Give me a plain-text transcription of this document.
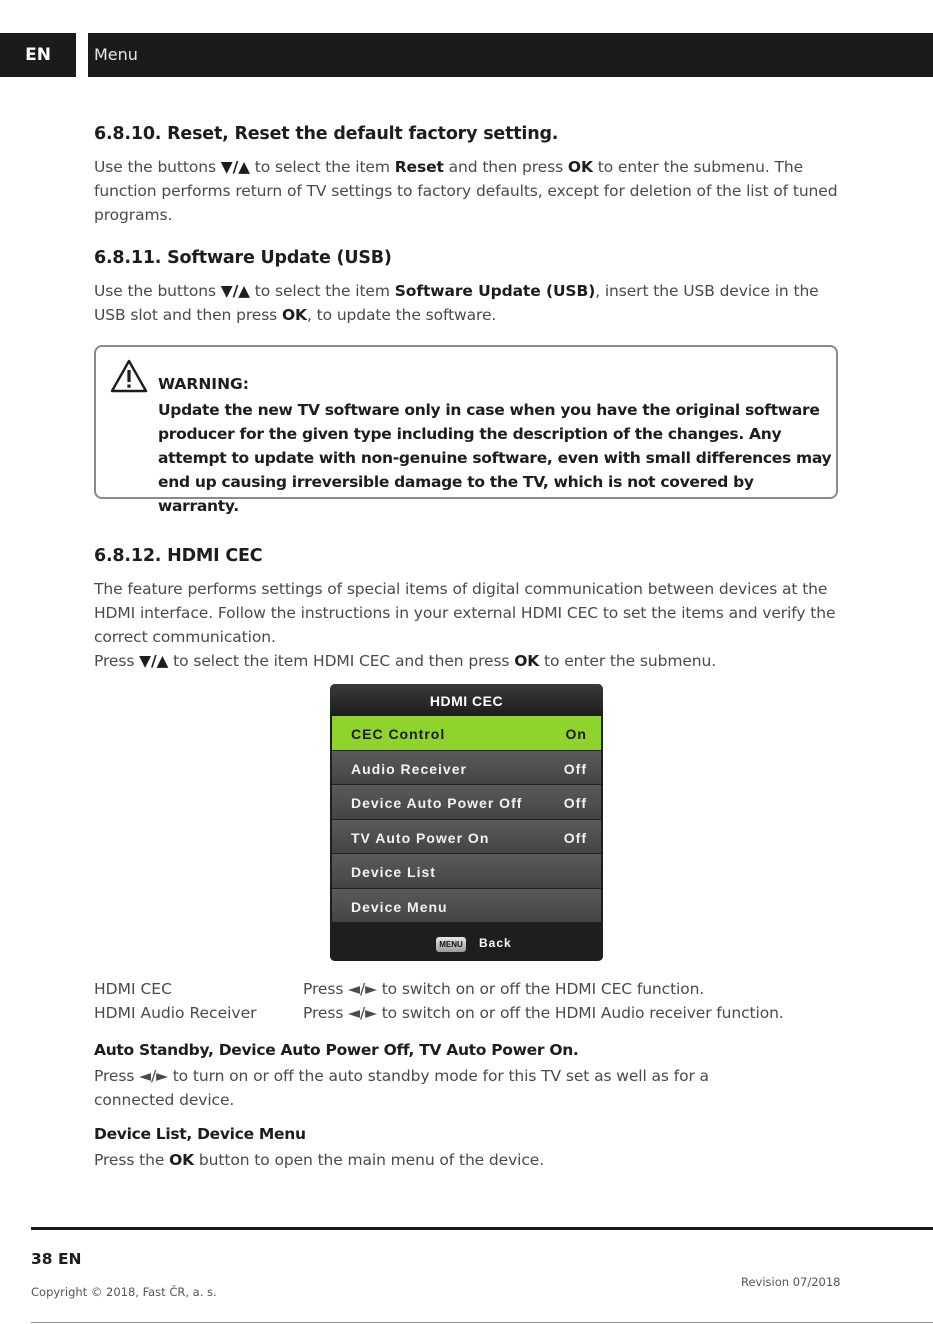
EN	Menu
6.8.10. Reset, Reset the default factory setting.
Use the buttons ▼/▲ to select the item Reset and then press OK to enter the submenu. The function performs return of TV settings to factory defaults, except for deletion of the list of tuned programs.
6.8.11. Software Update (USB)
Use the buttons ▼/▲ to select the item Software Update (USB), insert the USB device in the USB slot and then press OK, to update the software.
WARNING:
Update the new TV software only in case when you have the original software producer for the given type including the description of the changes. Any attempt to update with non-genuine software, even with small differences may end up causing irreversible damage to the TV, which is not covered by warranty.
6.8.12. HDMI CEC
The feature performs settings of special items of digital communication between devices at the HDMI interface. Follow the instructions in your external HDMI CEC to set the items and verify the correct communication.
Press ▼/▲ to select the item HDMI CEC and then press OK to enter the submenu.
HDMI CEC
CEC Control	On
Audio Receiver	Off
Device Auto Power Off	Off
TV Auto Power On	Off
Device List
Device Menu
MENU Back
HDMI CEC	Press ◄/► to switch on or off the HDMI CEC function.
HDMI Audio Receiver	Press ◄/► to switch on or off the HDMI Audio receiver function.
Auto Standby, Device Auto Power Off, TV Auto Power On.
Press ◄/► to turn on or off the auto standby mode for this TV set as well as for a connected device.
Device List, Device Menu
Press the OK button to open the main menu of the device.
38 EN
Copyright © 2018, Fast ČR, a. s.
Revision 07/2018
